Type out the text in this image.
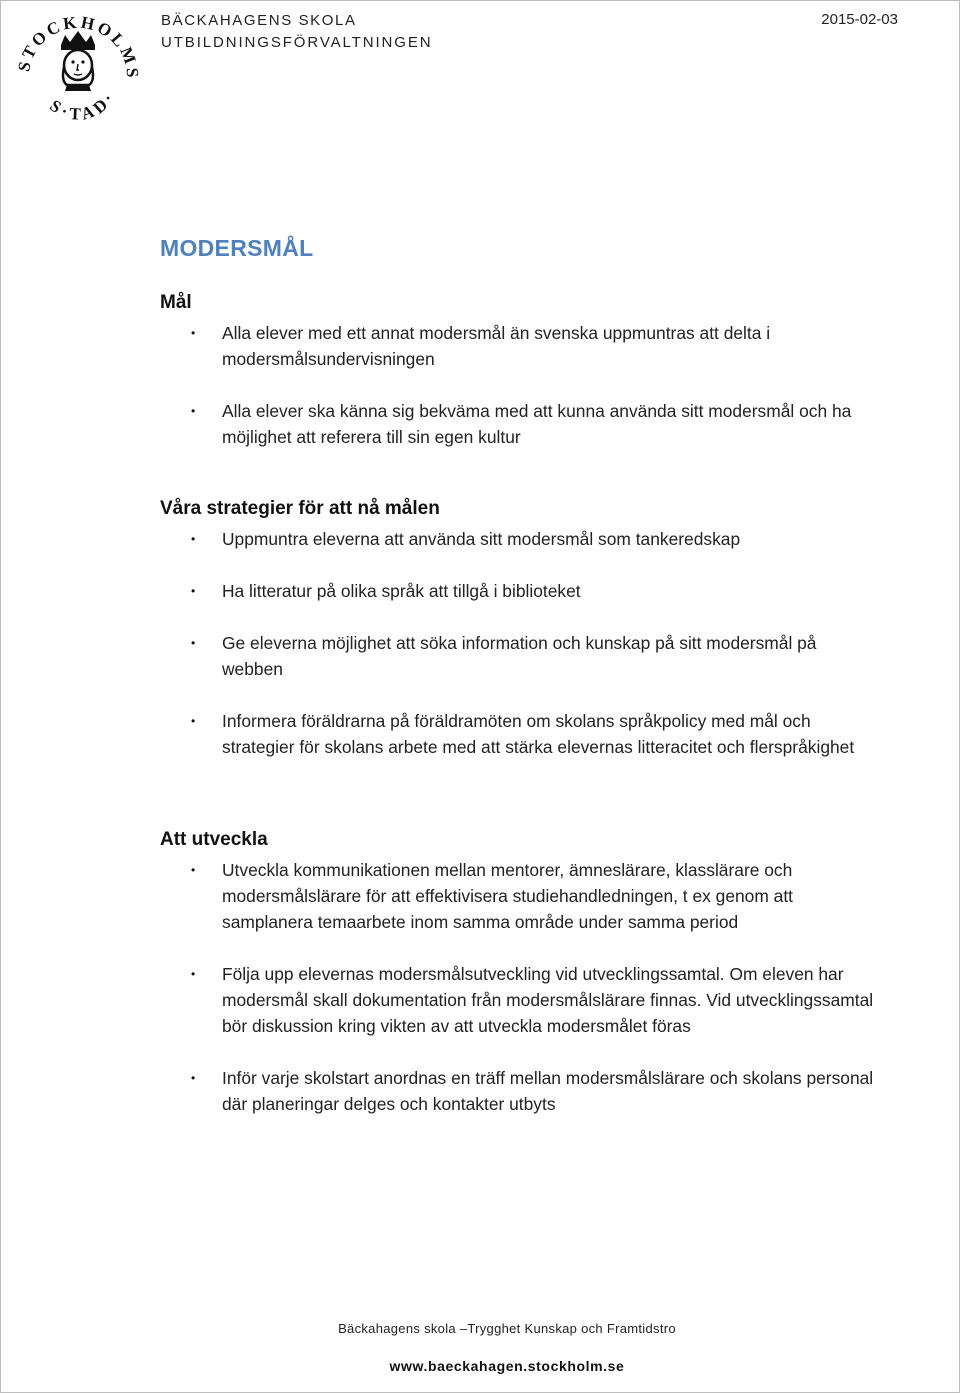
TOCKHOLM
S·TAD·
BÄCKAHAGENS SKOLA
UTBILDNINGSFÖRVALTNINGEN
2015-02-03
MODERSMÅL
Mål
• Alla elever med ett annat modersmål än svenska uppmuntras att delta i modersmålsundervisningen
• Alla elever ska känna sig bekväma med att kunna använda sitt modersmål och ha möjlighet att referera till sin egen kultur
Våra strategier för att nå målen
• Uppmuntra eleverna att använda sitt modersmål som tankeredskap
• Ha litteratur på olika språk att tillgå i biblioteket
• Ge eleverna möjlighet att söka information och kunskap på sitt modersmål på webben
• Informera föräldrarna på föräldramöten om skolans språkpolicy med mål och strategier för skolans arbete med att stärka elevernas litteracitet och flerspråkighet
Att utveckla
• Utveckla kommunikationen mellan mentorer, ämneslärare, klasslärare och modersmålslärare för att effektivisera studiehandledningen, t ex genom att samplanera temaarbete inom samma område under samma period
• Följa upp elevernas modersmålsutveckling vid utvecklingssamtal. Om eleven har modersmål skall dokumentation från modersmålslärare finnas. Vid utvecklingssamtal bör diskussion kring vikten av att utveckla modersmålet föras
• Inför varje skolstart anordnas en träff mellan modersmålslärare och skolans personal där planeringar delges och kontakter utbyts
Bäckahagens skola –Trygghet Kunskap och Framtidstro
www.baeckahagen.stockholm.se
